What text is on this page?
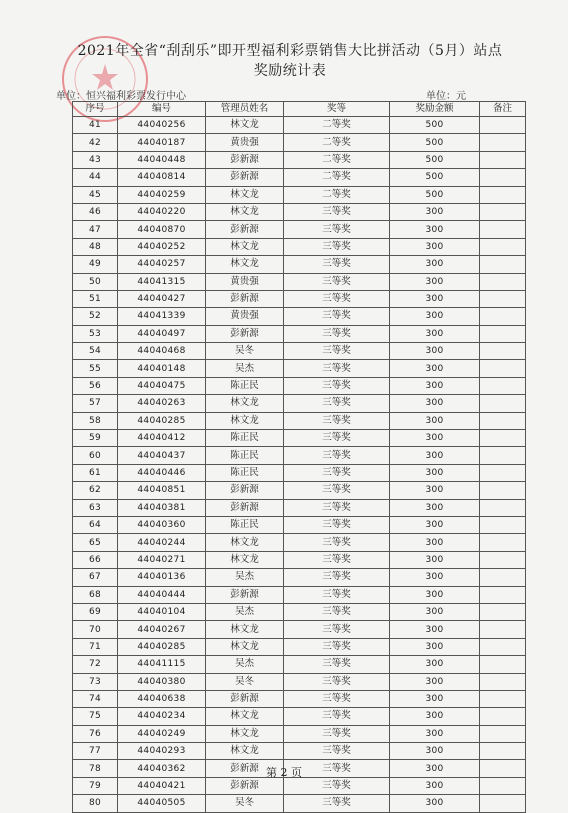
2021年全省“刮刮乐”即开型福利彩票销售大比拼活动（5月）站点
奖励统计表
单位：恒兴福利彩票发行中心	单位：元
序号	编号	管理员姓名	奖等	奖励金额	备注
41	44040256	林文龙	二等奖	500	
42	44040187	黄贵强	二等奖	500	
43	44040448	彭新源	二等奖	500	
44	44040814	彭新源	二等奖	500	
45	44040259	林文龙	二等奖	500	
46	44040220	林文龙	三等奖	300	
47	44040870	彭新源	三等奖	300	
48	44040252	林文龙	三等奖	300	
49	44040257	林文龙	三等奖	300	
50	44041315	黄贵强	三等奖	300	
51	44040427	彭新源	三等奖	300	
52	44041339	黄贵强	三等奖	300	
53	44040497	彭新源	三等奖	300	
54	44040468	吴冬	三等奖	300	
55	44040148	吴杰	三等奖	300	
56	44040475	陈正民	三等奖	300	
57	44040263	林文龙	三等奖	300	
58	44040285	林文龙	三等奖	300	
59	44040412	陈正民	三等奖	300	
60	44040437	陈正民	三等奖	300	
61	44040446	陈正民	三等奖	300	
62	44040851	彭新源	三等奖	300	
63	44040381	彭新源	三等奖	300	
64	44040360	陈正民	三等奖	300	
65	44040244	林文龙	三等奖	300	
66	44040271	林文龙	三等奖	300	
67	44040136	吴杰	三等奖	300	
68	44040444	彭新源	三等奖	300	
69	44040104	吴杰	三等奖	300	
70	44040267	林文龙	三等奖	300	
71	44040285	林文龙	三等奖	300	
72	44041115	吴杰	三等奖	300	
73	44040380	吴冬	三等奖	300	
74	44040638	彭新源	三等奖	300	
75	44040234	林文龙	三等奖	300	
76	44040249	林文龙	三等奖	300	
77	44040293	林文龙	三等奖	300	
78	44040362	彭新源	三等奖	300	
79	44040421	彭新源	三等奖	300	
80	44040505	吴冬	三等奖	300	
第 2 页
